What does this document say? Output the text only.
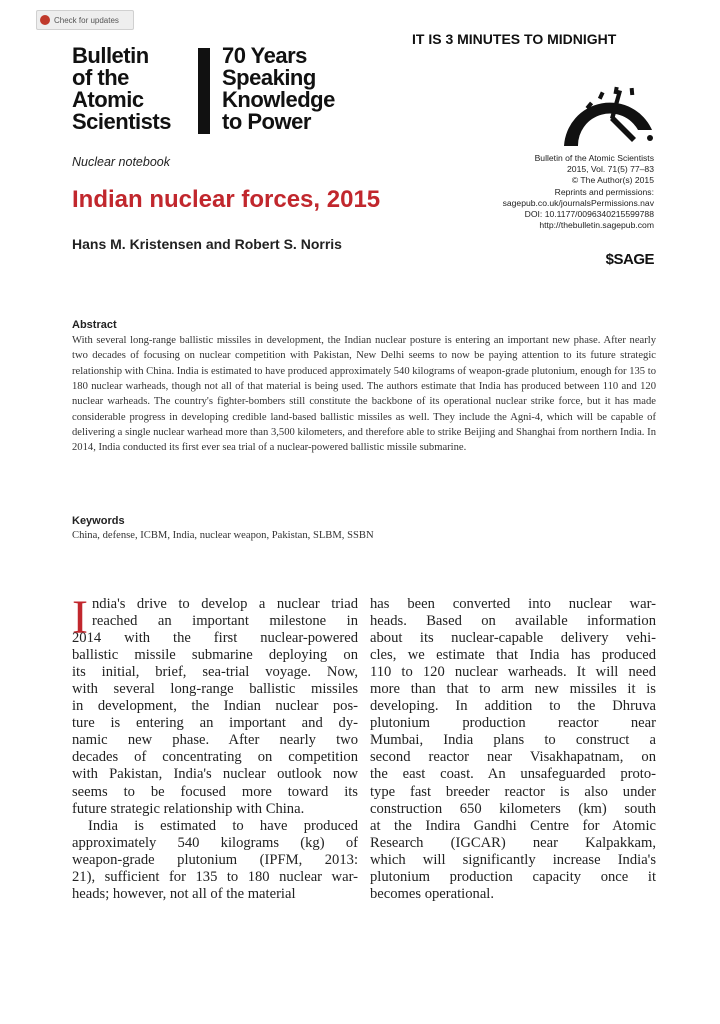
Check for updates
Bulletin
of the
Atomic
Scientists
70 Years
Speaking
Knowledge
to Power
IT IS 3 MINUTES TO MIDNIGHT
Nuclear notebook
Indian nuclear forces, 2015
Hans M. Kristensen and Robert S. Norris
Bulletin of the Atomic Scientists
2015, Vol. 71(5) 77–83
© The Author(s) 2015
Reprints and permissions:
sagepub.co.uk/journalsPermissions.nav
DOI: 10.1177/0096340215599788
http://thebulletin.sagepub.com
$SAGE
Abstract
With several long-range ballistic missiles in development, the Indian nuclear posture is entering an important new phase. After nearly two decades of focusing on nuclear competition with Pakistan, New Delhi seems to now be paying attention to its future strategic relationship with China. India is estimated to have produced approximately 540 kilograms of weapon-grade plutonium, enough for 135 to 180 nuclear warheads, though not all of that material is being used. The authors estimate that India has produced between 110 and 120 nuclear warheads. The country's fighter-bombers still constitute the backbone of its operational nuclear strike force, but it has made considerable progress in developing credible land-based ballistic missiles as well. They include the Agni-4, which will be capable of delivering a single nuclear warhead more than 3,500 kilometers, and therefore able to strike Beijing and Shanghai from northern India. In 2014, India conducted its first ever sea trial of a nuclear-powered ballistic missile submarine.
Keywords
China, defense, ICBM, India, nuclear weapon, Pakistan, SLBM, SSBN
I ndia's drive to develop a nuclear triad
reached an important milestone in
2014 with the first nuclear-powered
ballistic missile submarine deploying on
its initial, brief, sea-trial voyage. Now,
with several long-range ballistic missiles
in development, the Indian nuclear pos-
ture is entering an important and dy-
namic new phase. After nearly two
decades of concentrating on competition
with Pakistan, India's nuclear outlook now
seems to be focused more toward its
future strategic relationship with China.
India is estimated to have produced
approximately 540 kilograms (kg) of
weapon-grade plutonium (IPFM, 2013:
21), sufficient for 135 to 180 nuclear war-
heads; however, not all of the material
has been converted into nuclear war-
heads. Based on available information
about its nuclear-capable delivery vehi-
cles, we estimate that India has produced
110 to 120 nuclear warheads. It will need
more than that to arm new missiles it is
developing. In addition to the Dhruva
plutonium production reactor near
Mumbai, India plans to construct a
second reactor near Visakhapatnam, on
the east coast. An unsafeguarded proto-
type fast breeder reactor is also under
construction 650 kilometers (km) south
at the Indira Gandhi Centre for Atomic
Research (IGCAR) near Kalpakkam,
which will significantly increase India's
plutonium production capacity once it
becomes operational.
